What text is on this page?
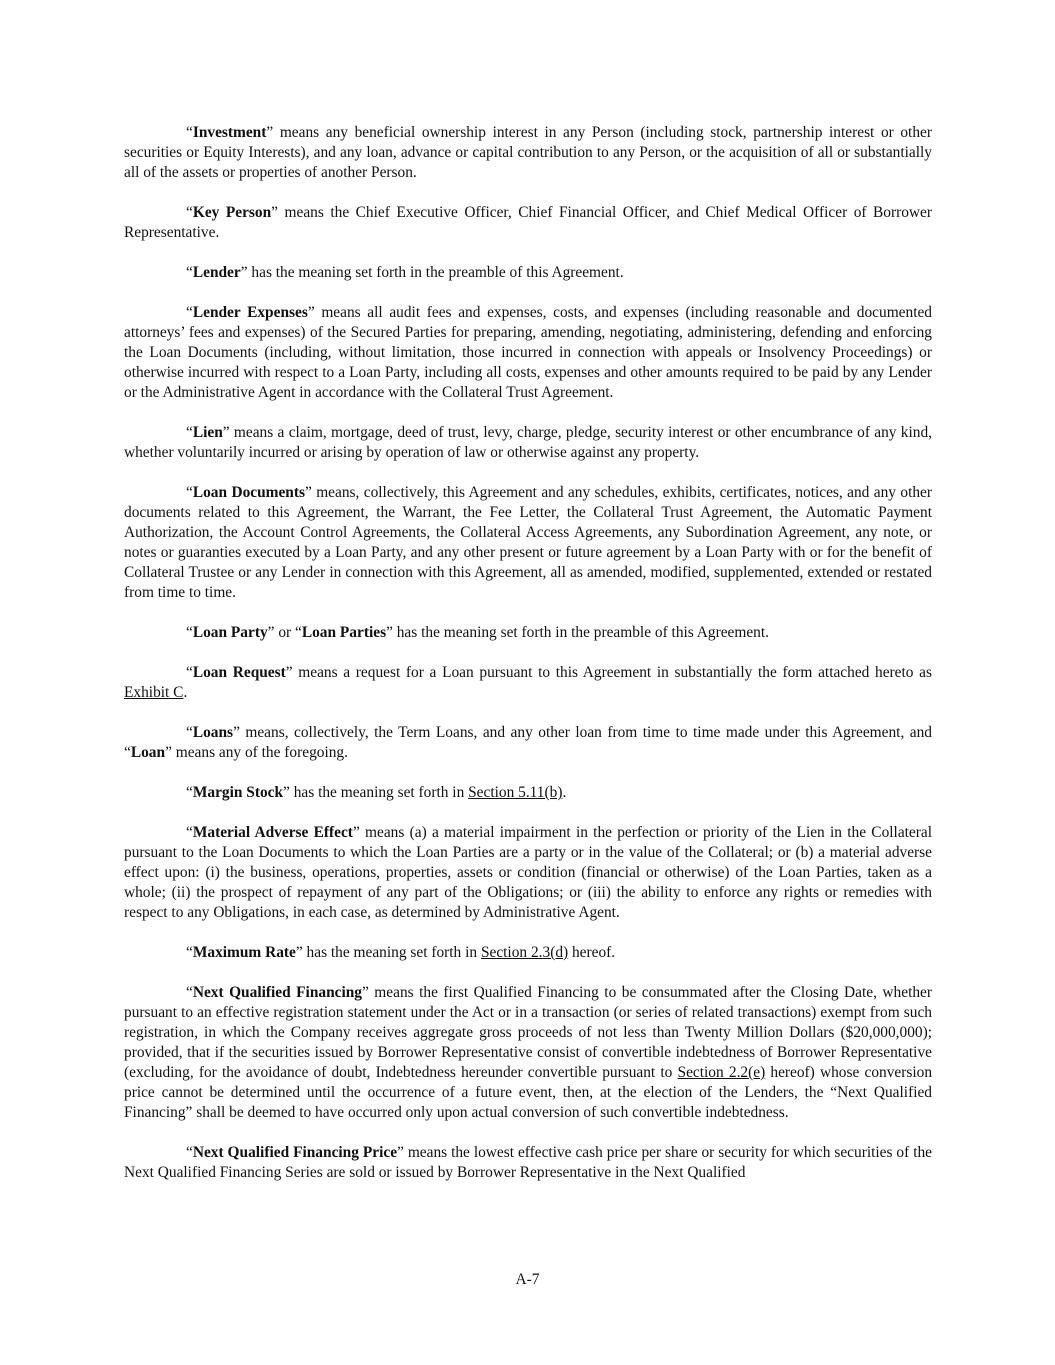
“Investment” means any beneficial ownership interest in any Person (including stock, partnership interest or other securities or Equity Interests), and any loan, advance or capital contribution to any Person, or the acquisition of all or substantially all of the assets or properties of another Person.

“Key Person” means the Chief Executive Officer, Chief Financial Officer, and Chief Medical Officer of Borrower Representative.

“Lender” has the meaning set forth in the preamble of this Agreement.

“Lender Expenses” means all audit fees and expenses, costs, and expenses (including reasonable and documented attorneys’ fees and expenses) of the Secured Parties for preparing, amending, negotiating, administering, defending and enforcing the Loan Documents (including, without limitation, those incurred in connection with appeals or Insolvency Proceedings) or otherwise incurred with respect to a Loan Party, including all costs, expenses and other amounts required to be paid by any Lender or the Administrative Agent in accordance with the Collateral Trust Agreement.

“Lien” means a claim, mortgage, deed of trust, levy, charge, pledge, security interest or other encumbrance of any kind, whether voluntarily incurred or arising by operation of law or otherwise against any property.

“Loan Documents” means, collectively, this Agreement and any schedules, exhibits, certificates, notices, and any other documents related to this Agreement, the Warrant, the Fee Letter, the Collateral Trust Agreement, the Automatic Payment Authorization, the Account Control Agreements, the Collateral Access Agreements, any Subordination Agreement, any note, or notes or guaranties executed by a Loan Party, and any other present or future agreement by a Loan Party with or for the benefit of Collateral Trustee or any Lender in connection with this Agreement, all as amended, modified, supplemented, extended or restated from time to time.

“Loan Party” or “Loan Parties” has the meaning set forth in the preamble of this Agreement.

“Loan Request” means a request for a Loan pursuant to this Agreement in substantially the form attached hereto as Exhibit C.

“Loans” means, collectively, the Term Loans, and any other loan from time to time made under this Agreement, and “Loan” means any of the foregoing.

“Margin Stock” has the meaning set forth in Section 5.11(b).

“Material Adverse Effect” means (a) a material impairment in the perfection or priority of the Lien in the Collateral pursuant to the Loan Documents to which the Loan Parties are a party or in the value of the Collateral; or (b) a material adverse effect upon: (i) the business, operations, properties, assets or condition (financial or otherwise) of the Loan Parties, taken as a whole; (ii) the prospect of repayment of any part of the Obligations; or (iii) the ability to enforce any rights or remedies with respect to any Obligations, in each case, as determined by Administrative Agent.

“Maximum Rate” has the meaning set forth in Section 2.3(d) hereof.

“Next Qualified Financing” means the first Qualified Financing to be consummated after the Closing Date, whether pursuant to an effective registration statement under the Act or in a transaction (or series of related transactions) exempt from such registration, in which the Company receives aggregate gross proceeds of not less than Twenty Million Dollars ($20,000,000); provided, that if the securities issued by Borrower Representative consist of convertible indebtedness of Borrower Representative (excluding, for the avoidance of doubt, Indebtedness hereunder convertible pursuant to Section 2.2(e) hereof) whose conversion price cannot be determined until the occurrence of a future event, then, at the election of the Lenders, the “Next Qualified Financing” shall be deemed to have occurred only upon actual conversion of such convertible indebtedness.

“Next Qualified Financing Price” means the lowest effective cash price per share or security for which securities of the Next Qualified Financing Series are sold or issued by Borrower Representative in the Next Qualified

A-7
